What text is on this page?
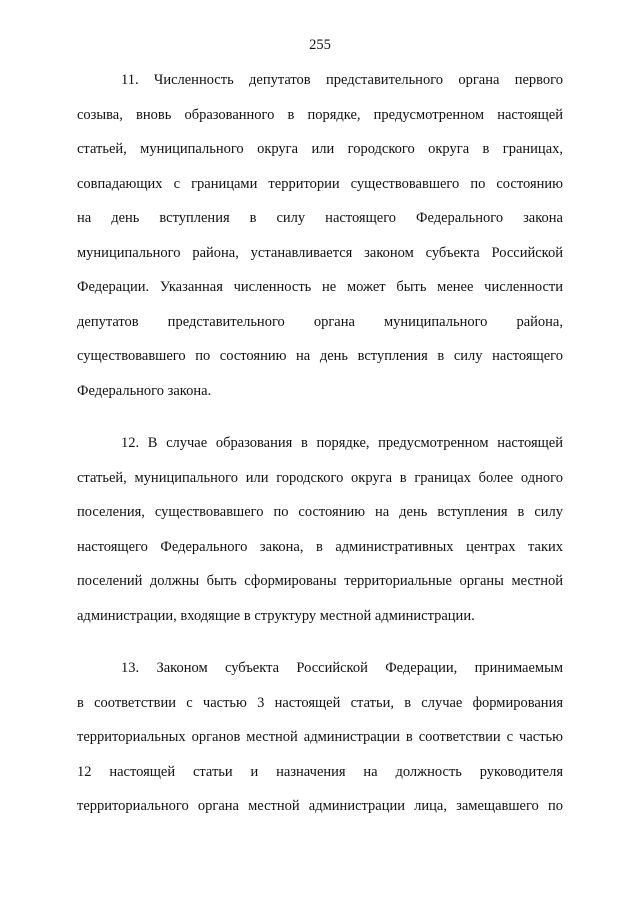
255
11. Численность депутатов представительного органа первого
созыва, вновь образованного в порядке, предусмотренном настоящей
статьей, муниципального округа или городского округа в границах,
совпадающих с границами территории существовавшего по состоянию
на день вступления в силу настоящего Федерального закона
муниципального района, устанавливается законом субъекта Российской
Федерации. Указанная численность не может быть менее численности
депутатов представительного органа муниципального района,
существовавшего по состоянию на день вступления в силу настоящего
Федерального закона.
12. В случае образования в порядке, предусмотренном настоящей
статьей, муниципального или городского округа в границах более одного
поселения, существовавшего по состоянию на день вступления в силу
настоящего Федерального закона, в административных центрах таких
поселений должны быть сформированы территориальные органы местной
администрации, входящие в структуру местной администрации.
13. Законом субъекта Российской Федерации, принимаемым
в соответствии с частью 3 настоящей статьи, в случае формирования
территориальных органов местной администрации в соответствии с частью
12 настоящей статьи и назначения на должность руководителя
территориального органа местной администрации лица, замещавшего по
